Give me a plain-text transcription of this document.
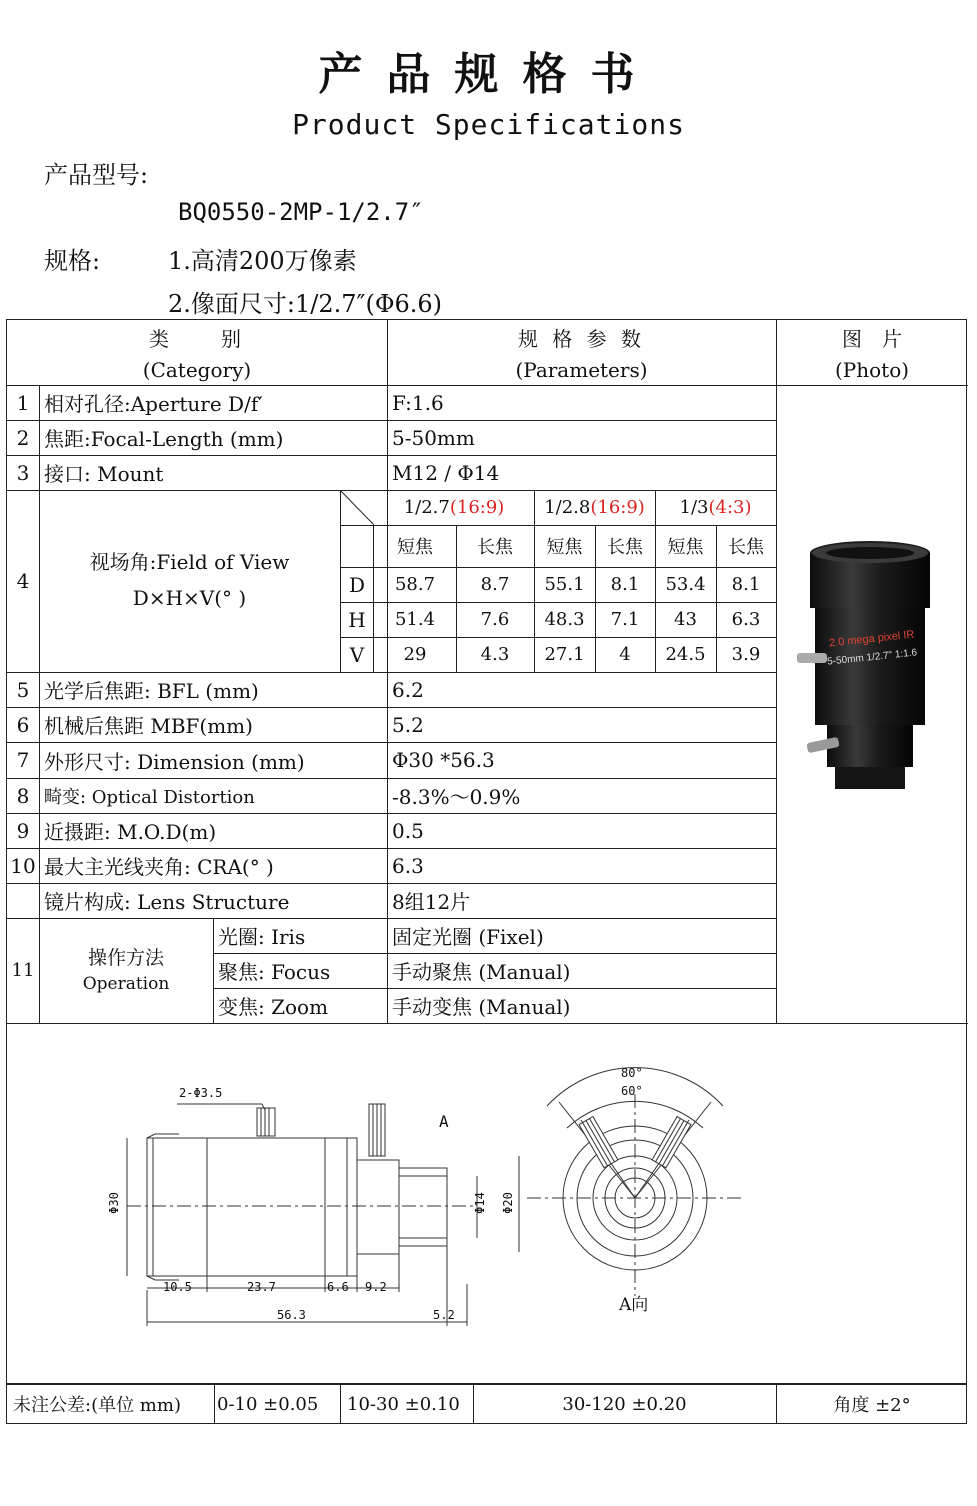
产品规格书
Product Specifications
产品型号:
BQ0550-2MP-1/2.7″
规格:	1.高清200万像素
2.像面尺寸:1/2.7″(Φ6.6)
类　　别
(Category)
规 格 参 数
(Parameters)
图　片
(Photo)
1 相对孔径:Aperture D/f′	F:1.6
2 焦距:Focal-Length (mm)	5-50mm
3 接口: Mount	M12 / Φ14
4
视场角:Field of View
D×H×V(° )
1/2.7 (16:9) 1/2.8 (16:9) 1/3 (4:3)
短焦	长焦	短焦	长焦	短焦	长焦
D	58.7	8.7	55.1	8.1	53.4	8.1
H	51.4	7.6	48.3	7.1	43	6.3
V	29	4.3	27.1	4	24.5	3.9
5 光学后焦距: BFL (mm)	6.2
6 机械后焦距 MBF(mm)	5.2
7 外形尺寸: Dimension (mm)	Φ30 *56.3
8 畸变: Optical Distortion	-8.3%～0.9%
9 近摄距: M.O.D(m)	0.5
10 最大主光线夹角: CRA(° )	6.3
镜片构成: Lens Structure	8组12片
11
操作方法
Operation
光圈: Iris	固定光圈 (Fixel)
聚焦: Focus	手动聚焦 (Manual)
变焦: Zoom	手动变焦 (Manual)
2.0 mega pixel IR
5-50mm 1/2.7" 1:1.6
2-Φ3.5
A
Φ30	Φ14 Φ20
10.5	23.7	6.6 9.2
56.3	5.2
80°
60°
A向
未注公差:(单位 mm)	0-10 ±0.05	10-30 ±0.10	30-120 ±0.20	角度 ±2°
